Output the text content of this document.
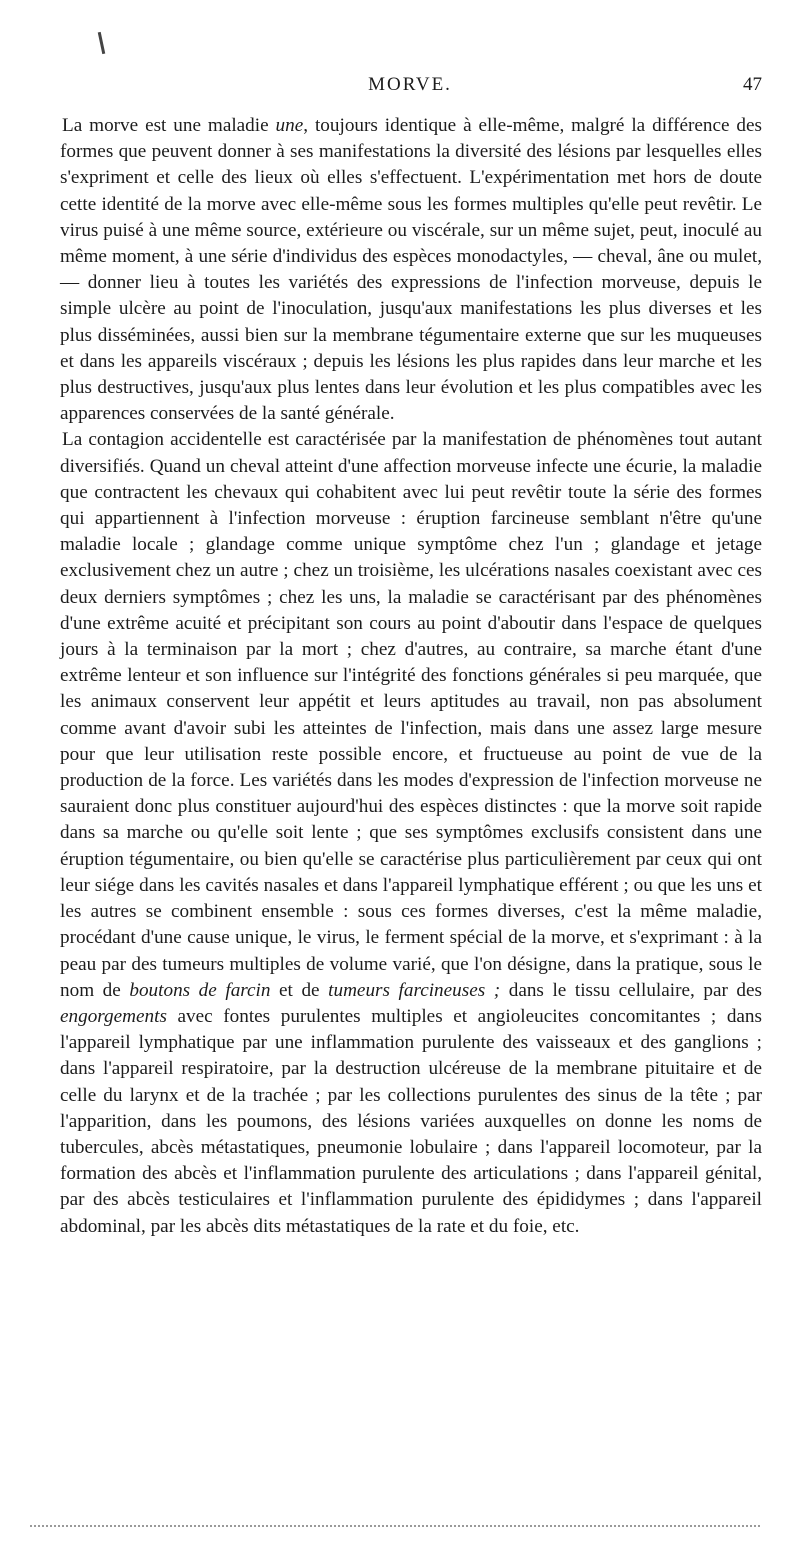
MORVE.	47

La morve est une maladie une, toujours identique à elle-même, malgré la différence des formes que peuvent donner à ses manifestations la diversité des lésions par lesquelles elles s'expriment et celle des lieux où elles s'effectuent. L'expérimentation met hors de doute cette identité de la morve avec elle-même sous les formes multiples qu'elle peut revêtir. Le virus puisé à une même source, extérieure ou viscérale, sur un même sujet, peut, inoculé au même moment, à une série d'individus des espèces monodactyles, — cheval, âne ou mulet, — donner lieu à toutes les variétés des expressions de l'infection morveuse, depuis le simple ulcère au point de l'inoculation, jusqu'aux manifestations les plus diverses et les plus disséminées, aussi bien sur la membrane tégumentaire externe que sur les muqueuses et dans les appareils viscéraux ; depuis les lésions les plus rapides dans leur marche et les plus destructives, jusqu'aux plus lentes dans leur évolution et les plus compatibles avec les apparences conservées de la santé générale.

La contagion accidentelle est caractérisée par la manifestation de phénomènes tout autant diversifiés. Quand un cheval atteint d'une affection morveuse infecte une écurie, la maladie que contractent les chevaux qui cohabitent avec lui peut revêtir toute la série des formes qui appartiennent à l'infection morveuse : éruption farcineuse semblant n'être qu'une maladie locale ; glandage comme unique symptôme chez l'un ; glandage et jetage exclusivement chez un autre ; chez un troisième, les ulcérations nasales coexistant avec ces deux derniers symptômes ; chez les uns, la maladie se caractérisant par des phénomènes d'une extrême acuité et précipitant son cours au point d'aboutir dans l'espace de quelques jours à la terminaison par la mort ; chez d'autres, au contraire, sa marche étant d'une extrême lenteur et son influence sur l'intégrité des fonctions générales si peu marquée, que les animaux conservent leur appétit et leurs aptitudes au travail, non pas absolument comme avant d'avoir subi les atteintes de l'infection, mais dans une assez large mesure pour que leur utilisation reste possible encore, et fructueuse au point de vue de la production de la force. Les variétés dans les modes d'expression de l'infection morveuse ne sauraient donc plus constituer aujourd'hui des espèces distinctes : que la morve soit rapide dans sa marche ou qu'elle soit lente ; que ses symptômes exclusifs consistent dans une éruption tégumentaire, ou bien qu'elle se caractérise plus particulièrement par ceux qui ont leur siége dans les cavités nasales et dans l'appareil lymphatique efférent ; ou que les uns et les autres se combinent ensemble : sous ces formes diverses, c'est la même maladie, procédant d'une cause unique, le virus, le ferment spécial de la morve, et s'exprimant : à la peau par des tumeurs multiples de volume varié, que l'on désigne, dans la pratique, sous le nom de boutons de farcin et de tumeurs farcineuses ; dans le tissu cellulaire, par des engorgements avec fontes purulentes multiples et angioleucites concomitantes ; dans l'appareil lymphatique par une inflammation purulente des vaisseaux et des ganglions ; dans l'appareil respiratoire, par la destruction ulcéreuse de la membrane pituitaire et de celle du larynx et de la trachée ; par les collections purulentes des sinus de la tête ; par l'apparition, dans les poumons, des lésions variées auxquelles on donne les noms de tubercules, abcès métastatiques, pneumonie lobulaire ; dans l'appareil locomoteur, par la formation des abcès et l'inflammation purulente des articulations ; dans l'appareil génital, par des abcès testiculaires et l'inflammation purulente des épididymes ; dans l'appareil abdominal, par les abcès dits métastatiques de la rate et du foie, etc.
